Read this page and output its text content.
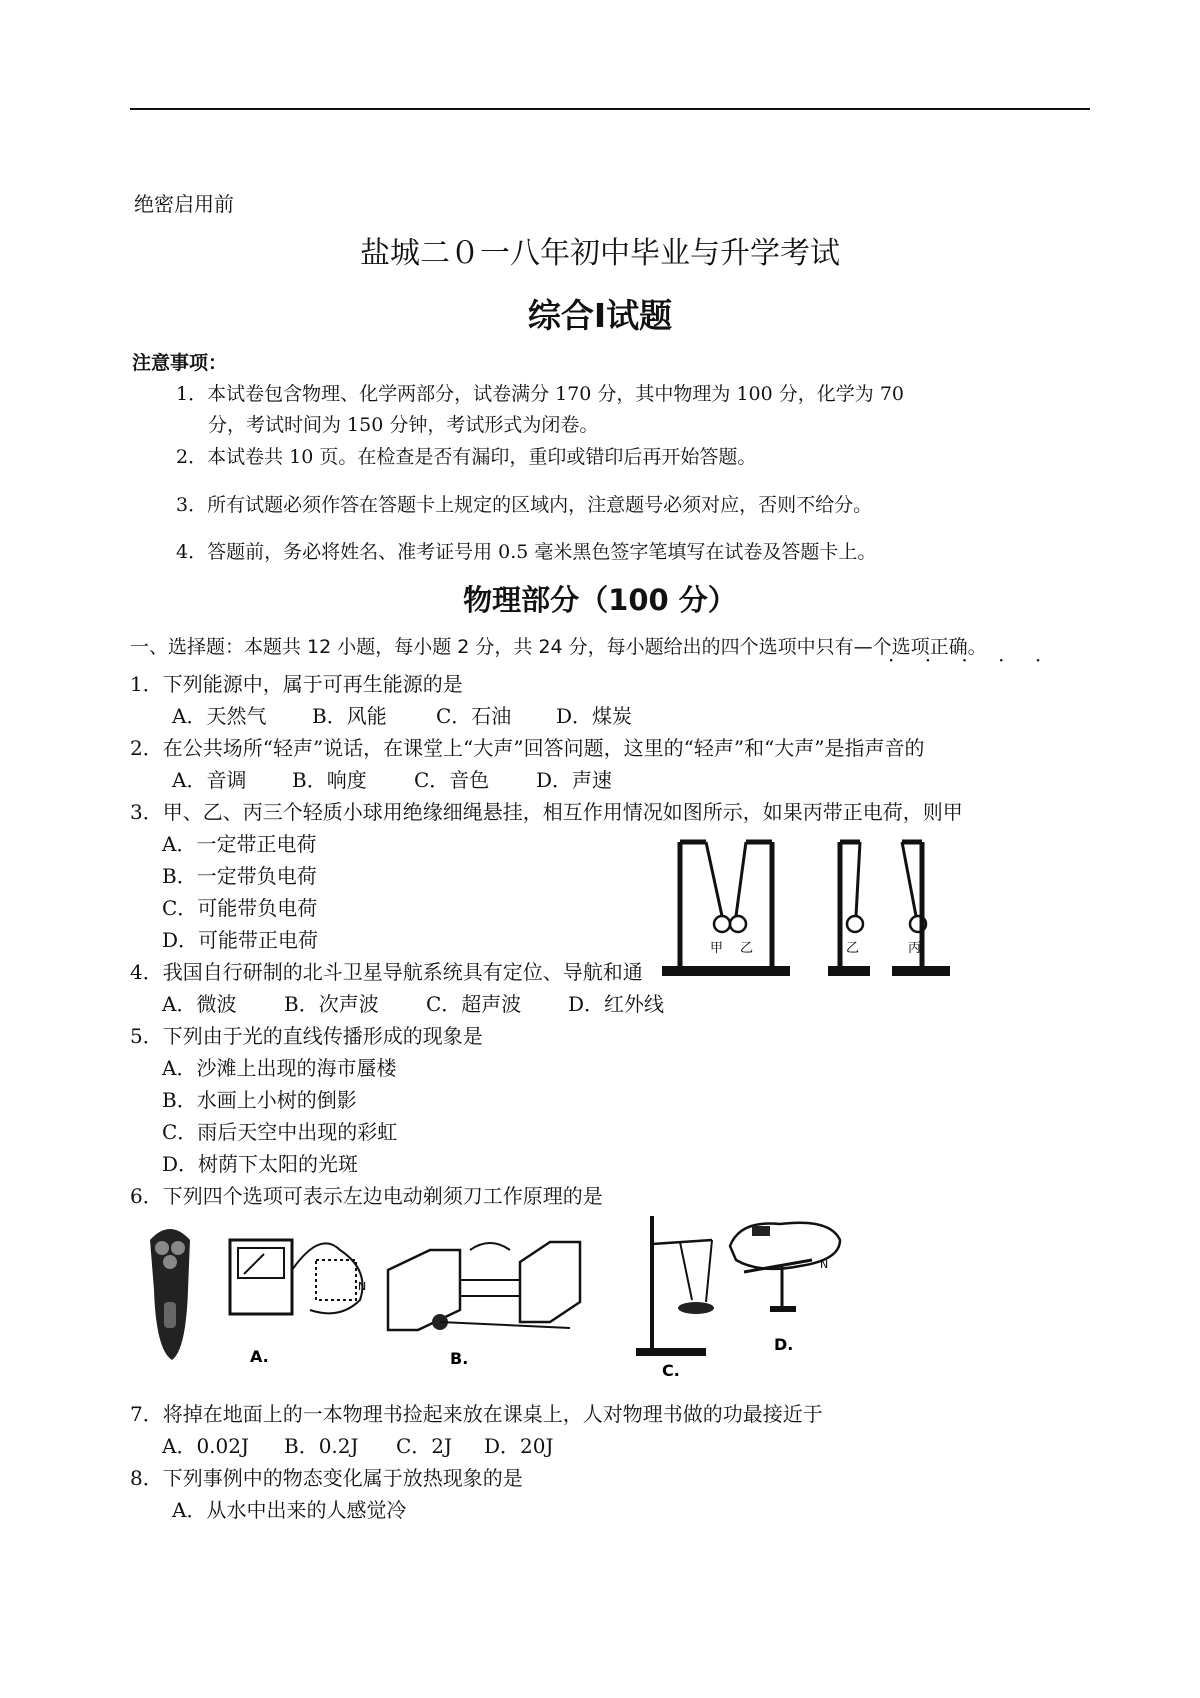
绝密启用前
盐城二０一八年初中毕业与升学考试
综合Ⅰ试题
注意事项：
1．本试卷包含物理、化学两部分，试卷满分 170 分，其中物理为 100 分，化学为 70
分，考试时间为 150 分钟，考试形式为闭卷。
2．本试卷共 10 页。在检查是否有漏印，重印或错印后再开始答题。
3．所有试题必须作答在答题卡上规定的区域内，注意题号必须对应，否则不给分。
4．答题前，务必将姓名、准考证号用 0.5 毫米黑色签字笔填写在试卷及答题卡上。
物理部分（100 分）
一、选择题：本题共 12 小题，每小题 2 分，共 24 分，每小题给出的四个选项中只有—个选项正确。
· · · · ·
1．下列能源中，属于可再生能源的是
A．天然气 B．风能 C．石油 D．煤炭
2．在公共场所“轻声”说话，在课堂上“大声”回答问题，这里的“轻声”和“大声”是指声音的
A．音调 B．响度 C．音色 D．声速
3．甲、乙、丙三个轻质小球用绝缘细绳悬挂，相互作用情况如图所示，如果丙带正电荷，则甲
A．一定带正电荷
B．一定带负电荷
C．可能带负电荷
D．可能带正电荷	甲 乙	乙	丙
4．我国自行研制的北斗卫星导航系统具有定位、导航和通
A．微波 B．次声波 C．超声波 D．红外线
5．下列由于光的直线传播形成的现象是
A．沙滩上出现的海市蜃楼
B．水画上小树的倒影
C．雨后天空中出现的彩虹
D．树荫下太阳的光斑
6．下列四个选项可表示左边电动剃须刀工作原理的是
N
A.	B.
C.
N
D.
7．将掉在地面上的一本物理书捡起来放在课桌上，人对物理书做的功最接近于
A．0.02J B．0.2J C．2J D．20J
8．下列事例中的物态变化属于放热现象的是
A．从水中出来的人感觉冷
